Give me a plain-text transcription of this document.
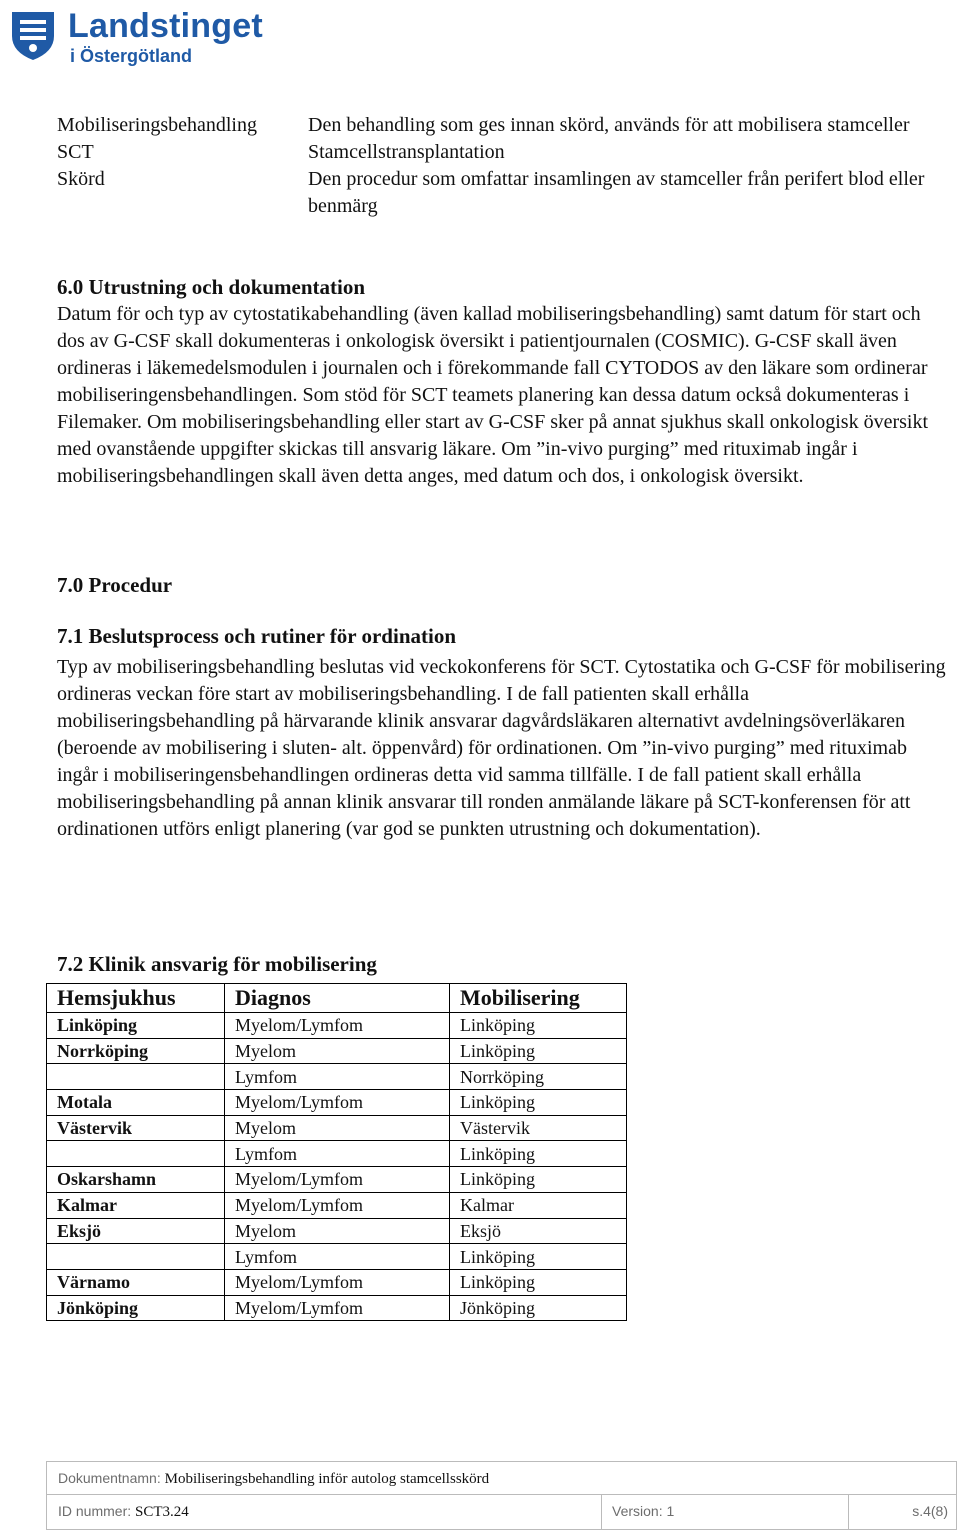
Landstinget
i Östergötland
Mobiliseringsbehandling	Den behandling som ges innan skörd, används för att mobilisera stamceller
SCT	Stamcellstransplantation
Skörd	Den procedur som omfattar insamlingen av stamceller från perifert blod eller benmärg
6.0 Utrustning och dokumentation

Datum för och typ av cytostatikabehandling (även kallad mobiliseringsbehandling) samt datum för start och dos av G-CSF skall dokumenteras i onkologisk översikt i patientjournalen (COSMIC). G-CSF skall även ordineras i läkemedelsmodulen i journalen och i förekommande fall CYTODOS av den läkare som ordinerar mobiliseringensbehandlingen. Som stöd för SCT teamets planering kan dessa datum också dokumenteras i Filemaker. Om mobiliseringsbehandling eller start av G-CSF sker på annat sjukhus skall onkologisk översikt med ovanstående uppgifter skickas till ansvarig läkare. Om ”in-vivo purging” med rituximab ingår i mobiliseringsbehandlingen skall även detta anges, med datum och dos, i onkologisk översikt.

7.0 Procedur
7.1 Beslutsprocess och rutiner för ordination

Typ av mobiliseringsbehandling beslutas vid veckokonferens för SCT. Cytostatika och G-CSF för mobilisering ordineras veckan före start av mobiliseringsbehandling. I de fall patienten skall erhålla mobiliseringsbehandling på härvarande klinik ansvarar dagvårdsläkaren alternativt avdelningsöverläkaren (beroende av mobilisering i sluten- alt. öppenvård) för ordinationen. Om ”in-vivo purging” med rituximab ingår i mobiliseringensbehandlingen ordineras detta vid samma tillfälle. I de fall patient skall erhålla mobiliseringsbehandling på annan klinik ansvarar till ronden anmälande läkare på SCT-konferensen för att ordinationen utförs enligt planering (var god se punkten utrustning och dokumentation).

7.2 Klinik ansvarig för mobilisering
Hemsjukhus	Diagnos	Mobilisering
Linköping	Myelom/Lymfom	Linköping
Norrköping	Myelom	Linköping
	Lymfom	Norrköping
Motala	Myelom/Lymfom	Linköping
Västervik	Myelom	Västervik
	Lymfom	Linköping
Oskarshamn	Myelom/Lymfom	Linköping
Kalmar	Myelom/Lymfom	Kalmar
Eksjö	Myelom	Eksjö
	Lymfom	Linköping
Värnamo	Myelom/Lymfom	Linköping
Jönköping	Myelom/Lymfom	Jönköping
Dokumentnamn: Mobiliseringsbehandling inför autolog stamcellsskörd
ID nummer: SCT3.24	Version: 1	s.4(8)
